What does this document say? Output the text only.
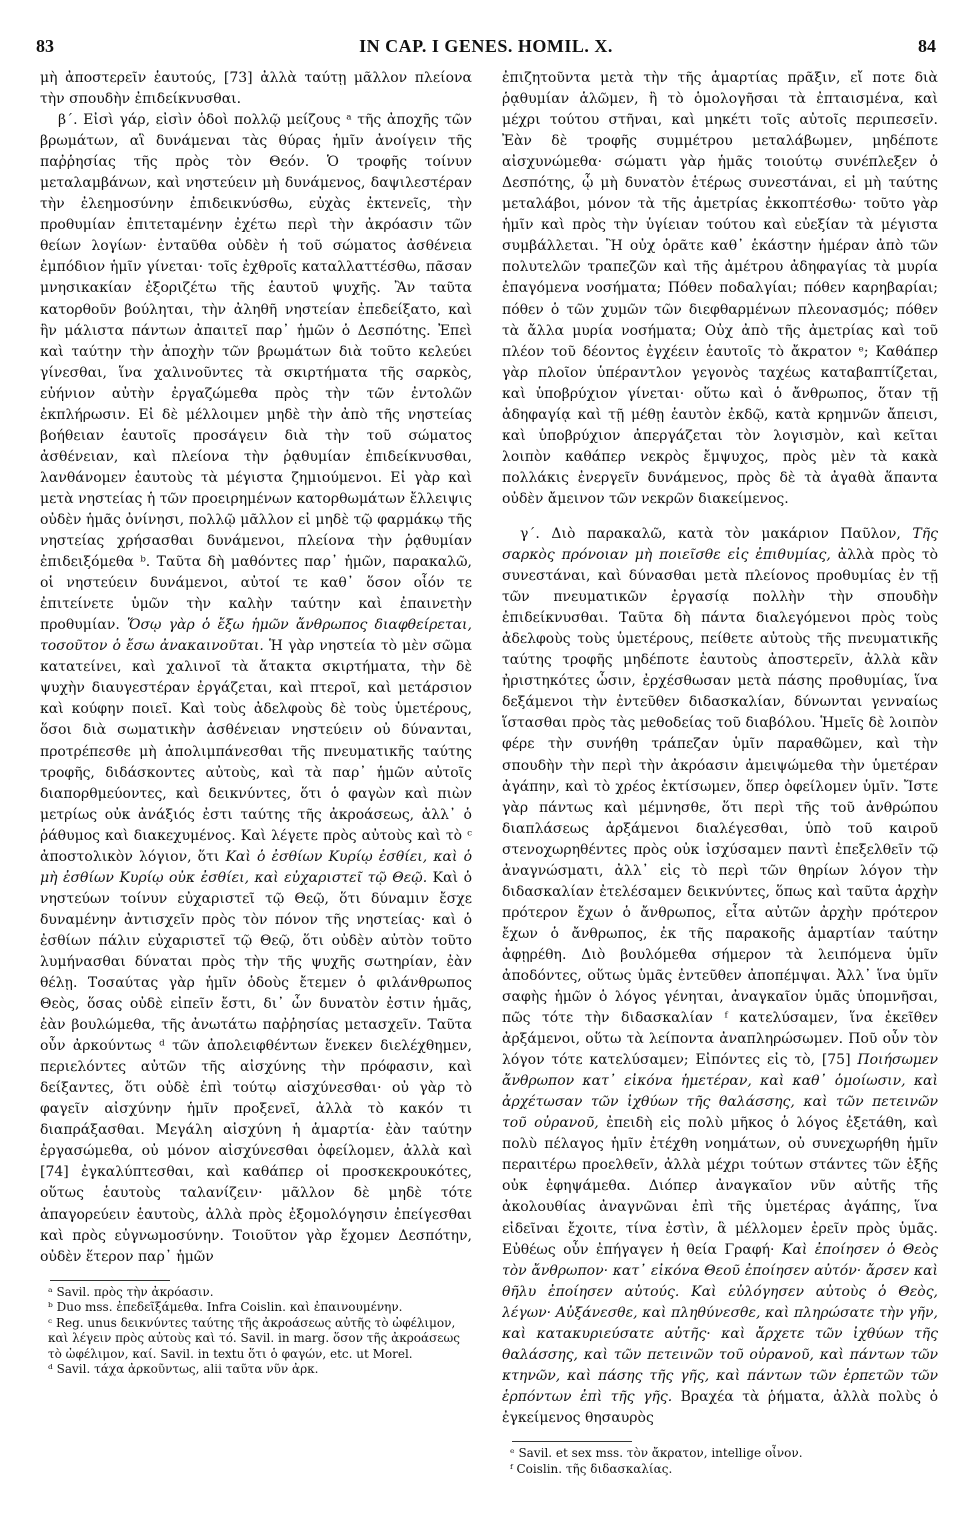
83	IN CAP. I GENES. HOMIL. X.	84

μὴ ἀποστερεῖν ἑαυτούς, [73] ἀλλὰ ταύτῃ μᾶλλον πλείονα τὴν σπουδὴν ἐπιδείκνυσθαι.

β΄. Εἰσὶ γάρ, εἰσὶν ὁδοὶ πολλῷ μείζους ᵃ τῆς ἀποχῆς τῶν βρωμάτων, αἳ δυνάμεναι τὰς θύρας ἡμῖν ἀνοίγειν τῆς παῤῥησίας τῆς πρὸς τὸν Θεόν. Ὁ τροφῆς τοίνυν μεταλαμβάνων, καὶ νηστεύειν μὴ δυνάμενος, δαψιλεστέραν τὴν ἐλεημοσύνην ἐπιδεικνύσθω, εὐχὰς ἐκτενεῖς, τὴν προθυμίαν ἐπιτεταμένην ἐχέτω περὶ τὴν ἀκρόασιν τῶν θείων λογίων· ἐνταῦθα οὐδὲν ἡ τοῦ σώματος ἀσθένεια ἐμπόδιον ἡμῖν γίνεται· τοῖς ἐχθροῖς καταλλαττέσθω, πᾶσαν μνησικακίαν ἐξοριζέτω τῆς ἑαυτοῦ ψυχῆς. Ἂν ταῦτα κατορθοῦν βούληται, τὴν ἀληθῆ νηστείαν ἐπεδείξατο, καὶ ἣν μάλιστα πάντων ἀπαιτεῖ παρ᾽ ἡμῶν ὁ Δεσπότης. Ἐπεὶ καὶ ταύτην τὴν ἀποχὴν τῶν βρωμάτων διὰ τοῦτο κελεύει γίνεσθαι, ἵνα χαλινοῦντες τὰ σκιρτήματα τῆς σαρκὸς, εὐήνιον αὐτὴν ἐργαζώμεθα πρὸς τὴν τῶν ἐντολῶν ἐκπλήρωσιν. Εἰ δὲ μέλλοιμεν μηδὲ τὴν ἀπὸ τῆς νηστείας βοήθειαν ἑαυτοῖς προσάγειν διὰ τὴν τοῦ σώματος ἀσθένειαν, καὶ πλείονα τὴν ῥᾳθυμίαν ἐπιδείκνυσθαι, λανθάνομεν ἑαυτοὺς τὰ μέγιστα ζημιούμενοι. Εἰ γὰρ καὶ μετὰ νηστείας ἡ τῶν προειρημένων κατορθωμάτων ἔλλειψις οὐδὲν ἡμᾶς ὀνίνησι, πολλῷ μᾶλλον εἰ μηδὲ τῷ φαρμάκῳ τῆς νηστείας χρήσασθαι δυνάμενοι, πλείονα τὴν ῥᾳθυμίαν ἐπιδειξόμεθα ᵇ. Ταῦτα δὴ μαθόντες παρ᾽ ἡμῶν, παρακαλῶ, οἱ νηστεύειν δυνάμενοι, αὐτοί τε καθ᾽ ὅσον οἷόν τε ἐπιτείνετε ὑμῶν τὴν καλὴν ταύτην καὶ ἐπαινετὴν προθυμίαν. Ὅσῳ γὰρ ὁ ἔξω ἡμῶν ἄνθρωπος διαφθείρεται, τοσοῦτον ὁ ἔσω ἀνακαινοῦται. Ἡ γὰρ νηστεία τὸ μὲν σῶμα κατατείνει, καὶ χαλινοῖ τὰ ἄτακτα σκιρτήματα, τὴν δὲ ψυχὴν διαυγεστέραν ἐργάζεται, καὶ πτεροῖ, καὶ μετάρσιον καὶ κούφην ποιεῖ. Καὶ τοὺς ἀδελφοὺς δὲ τοὺς ὑμετέρους, ὅσοι διὰ σωματικὴν ἀσθένειαν νηστεύειν οὐ δύνανται, προτρέπεσθε μὴ ἀπολιμπάνεσθαι τῆς πνευματικῆς ταύτης τροφῆς, διδάσκοντες αὐτοὺς, καὶ τὰ παρ᾽ ἡμῶν αὐτοῖς διαπορθμεύοντες, καὶ δεικνύντες, ὅτι ὁ φαγὼν καὶ πιὼν μετρίως οὐκ ἀνάξιός ἐστι ταύτης τῆς ἀκροάσεως, ἀλλ᾽ ὁ ῥάθυμος καὶ διακεχυμένος. Καὶ λέγετε πρὸς αὐτοὺς καὶ τὸ ᶜ ἀποστολικὸν λόγιον, ὅτι Καὶ ὁ ἐσθίων Κυρίῳ ἐσθίει, καὶ ὁ μὴ ἐσθίων Κυρίῳ οὐκ ἐσθίει, καὶ εὐχαριστεῖ τῷ Θεῷ. Καὶ ὁ νηστεύων τοίνυν εὐχαριστεῖ τῷ Θεῷ, ὅτι δύναμιν ἔσχε δυναμένην ἀντισχεῖν πρὸς τὸν πόνον τῆς νηστείας· καὶ ὁ ἐσθίων πάλιν εὐχαριστεῖ τῷ Θεῷ, ὅτι οὐδὲν αὐτὸν τοῦτο λυμήνασθαι δύναται πρὸς τὴν τῆς ψυχῆς σωτηρίαν, ἐὰν θέλῃ. Τοσαύτας γὰρ ἡμῖν ὁδοὺς ἔτεμεν ὁ φιλάνθρωπος Θεὸς, ὅσας οὐδὲ εἰπεῖν ἔστι, δι᾽ ὧν δυνατὸν ἐστιν ἡμᾶς, ἐὰν βουλώμεθα, τῆς ἀνωτάτω παῤῥησίας μετασχεῖν. Ταῦτα οὖν ἀρκούντως ᵈ τῶν ἀπολειφθέντων ἕνεκεν διελέχθημεν, περιελόντες αὐτῶν τῆς αἰσχύνης τὴν πρόφασιν, καὶ δείξαντες, ὅτι οὐδὲ ἐπὶ τούτῳ αἰσχύνεσθαι· οὐ γὰρ τὸ φαγεῖν αἰσχύνην ἡμῖν προξενεῖ, ἀλλὰ τὸ κακόν τι διαπράξασθαι. Μεγάλη αἰσχύνη ἡ ἁμαρτία· ἐὰν ταύτην ἐργασώμεθα, οὐ μόνον αἰσχύνεσθαι ὀφείλομεν, ἀλλὰ καὶ [74] ἐγκαλύπτεσθαι, καὶ καθάπερ οἱ προσκεκρουκότες, οὕτως ἑαυτοὺς ταλανίζειν· μᾶλλον δὲ μηδὲ τότε ἀπαγορεύειν ἑαυτοὺς, ἀλλὰ πρὸς ἐξομολόγησιν ἐπείγεσθαι καὶ πρὸς εὐγνωμοσύνην. Τοιοῦτον γὰρ ἔχομεν Δεσπότην, οὐδὲν ἕτερον παρ᾽ ἡμῶν

ᵃ Savil. πρὸς τὴν ἀκρόασιν.
ᵇ Duo mss. ἐπεδεῖξάμεθα. Infra Coislin. καὶ ἐπαινουμένην.
ᶜ Reg. unus δεικνύντες ταύτης τῆς ἀκροάσεως αὐτῆς τὸ ὠφέλιμον, καὶ λέγειν πρὸς αὐτοὺς καὶ τό. Savil. in marg. ὅσον τῆς ἀκροάσεως τὸ ὠφέλιμον, καί. Savil. in textu ὅτι ὁ φαγών, etc. ut Morel.
ᵈ Savil. τάχα ἀρκοῦντως, alii ταῦτα νῦν ἀρκ.

ἐπιζητοῦντα μετὰ τὴν τῆς ἁμαρτίας πρᾶξιν, εἴ ποτε διὰ ῥᾳθυμίαν ἁλῶμεν, ἢ τὸ ὁμολογῆσαι τὰ ἐπταισμένα, καὶ μέχρι τούτου στῆναι, καὶ μηκέτι τοῖς αὐτοῖς περιπεσεῖν. Ἐὰν δὲ τροφῆς συμμέτρου μεταλάβωμεν, μηδέποτε αἰσχυνώμεθα· σώματι γὰρ ἡμᾶς τοιούτῳ συνέπλεξεν ὁ Δεσπότης, ᾧ μὴ δυνατὸν ἑτέρως συνεστάναι, εἰ μὴ ταύτης μεταλάβοι, μόνον τὰ τῆς ἀμετρίας ἐκκοπτέσθω· τοῦτο γὰρ ἡμῖν καὶ πρὸς τὴν ὑγίειαν τούτου καὶ εὐεξίαν τὰ μέγιστα συμβάλλεται. Ἢ οὐχ ὁρᾶτε καθ᾽ ἑκάστην ἡμέραν ἀπὸ τῶν πολυτελῶν τραπεζῶν καὶ τῆς ἀμέτρου ἀδηφαγίας τὰ μυρία ἐπαγόμενα νοσήματα; Πόθεν ποδαλγίαι; πόθεν καρηβαρίαι; πόθεν ὁ τῶν χυμῶν τῶν διεφθαρμένων πλεονασμός; πόθεν τὰ ἄλλα μυρία νοσήματα; Οὐχ ἀπὸ τῆς ἀμετρίας καὶ τοῦ πλέον τοῦ δέοντος ἐγχέειν ἑαυτοῖς τὸ ἄκρατον ᵉ; Καθάπερ γὰρ πλοῖον ὑπέραντλον γεγονὸς ταχέως καταβαπτίζεται, καὶ ὑποβρύχιον γίνεται· οὕτω καὶ ὁ ἄνθρωπος, ὅταν τῇ ἀδηφαγίᾳ καὶ τῇ μέθῃ ἑαυτὸν ἐκδῷ, κατὰ κρημνῶν ἄπεισι, καὶ ὑποβρύχιον ἀπεργάζεται τὸν λογισμὸν, καὶ κεῖται λοιπὸν καθάπερ νεκρὸς ἔμψυχος, πρὸς μὲν τὰ κακὰ πολλάκις ἐνεργεῖν δυνάμενος, πρὸς δὲ τὰ ἀγαθὰ ἅπαντα οὐδὲν ἄμεινον τῶν νεκρῶν διακείμενος.

γ΄. Διὸ παρακαλῶ, κατὰ τὸν μακάριον Παῦλον, Τῆς σαρκὸς πρόνοιαν μὴ ποιεῖσθε εἰς ἐπιθυμίας, ἀλλὰ πρὸς τὸ συνεστάναι, καὶ δύνασθαι μετὰ πλείονος προθυμίας ἐν τῇ τῶν πνευματικῶν ἐργασίᾳ πολλὴν τὴν σπουδὴν ἐπιδείκνυσθαι. Ταῦτα δὴ πάντα διαλεγόμενοι πρὸς τοὺς ἀδελφοὺς τοὺς ὑμετέρους, πείθετε αὐτοὺς τῆς πνευματικῆς ταύτης τροφῆς μηδέποτε ἑαυτοὺς ἀποστερεῖν, ἀλλὰ κἂν ἠριστηκότες ὦσιν, ἐρχέσθωσαν μετὰ πάσης προθυμίας, ἵνα δεξάμενοι τὴν ἐντεῦθεν διδασκαλίαν, δύνωνται γενναίως ἵστασθαι πρὸς τὰς μεθοδείας τοῦ διαβόλου. Ἡμεῖς δὲ λοιπὸν φέρε τὴν συνήθη τράπεζαν ὑμῖν παραθῶμεν, καὶ τὴν σπουδὴν τὴν περὶ τὴν ἀκρόασιν ἀμειψώμεθα τὴν ὑμετέραν ἀγάπην, καὶ τὸ χρέος ἐκτίσωμεν, ὅπερ ὀφείλομεν ὑμῖν. Ἴστε γὰρ πάντως καὶ μέμνησθε, ὅτι περὶ τῆς τοῦ ἀνθρώπου διαπλάσεως ἀρξάμενοι διαλέγεσθαι, ὑπὸ τοῦ καιροῦ στενοχωρηθέντες πρὸς οὐκ ἰσχύσαμεν παντὶ ἐπεξελθεῖν τῷ ἀναγνώσματι, ἀλλ᾽ εἰς τὸ περὶ τῶν θηρίων λόγον τὴν διδασκαλίαν ἐτελέσαμεν δεικνύντες, ὅπως καὶ ταῦτα ἀρχὴν πρότερον ἔχων ὁ ἄνθρωπος, εἶτα αὐτῶν ἀρχὴν πρότερον ἔχων ὁ ἄνθρωπος, ἐκ τῆς παρακοῆς ἁμαρτίαν ταύτην ἀφῃρέθη. Διὸ βουλόμεθα σήμερον τὰ λειπόμενα ὑμῖν ἀποδόντες, οὕτως ὑμᾶς ἐντεῦθεν ἀποπέμψαι. Ἀλλ᾽ ἵνα ὑμῖν σαφὴς ἡμῶν ὁ λόγος γένηται, ἀναγκαῖον ὑμᾶς ὑπομνῆσαι, πῶς τότε τὴν διδασκαλίαν ᶠ κατελύσαμεν, ἵνα ἐκεῖθεν ἀρξάμενοι, οὕτω τὰ λείποντα ἀναπληρώσωμεν. Ποῦ οὖν τὸν λόγον τότε κατελύσαμεν; Εἰπόντες εἰς τὸ, [75] Ποιήσωμεν ἄνθρωπον κατ᾽ εἰκόνα ἡμετέραν, καὶ καθ᾽ ὁμοίωσιν, καὶ ἀρχέτωσαν τῶν ἰχθύων τῆς θαλάσσης, καὶ τῶν πετεινῶν τοῦ οὐρανοῦ, ἐπειδὴ εἰς πολὺ μῆκος ὁ λόγος ἐξετάθη, καὶ πολὺ πέλαγος ἡμῖν ἐτέχθη νοημάτων, οὐ συνεχωρήθη ἡμῖν περαιτέρω προελθεῖν, ἀλλὰ μέχρι τούτων στάντες τῶν ἑξῆς οὐκ ἐφηψάμεθα. Διόπερ ἀναγκαῖον νῦν αὐτῆς τῆς ἀκολουθίας ἀναγνῶναι ἐπὶ τῆς ὑμετέρας ἀγάπης, ἵνα εἰδεῖναι ἔχοιτε, τίνα ἐστὶν, ἃ μέλλομεν ἐρεῖν πρὸς ὑμᾶς. Εὐθέως οὖν ἐπήγαγεν ἡ θεία Γραφή· Καὶ ἐποίησεν ὁ Θεὸς τὸν ἄνθρωπον· κατ᾽ εἰκόνα Θεοῦ ἐποίησεν αὐτόν· ἄρσεν καὶ θῆλυ ἐποίησεν αὐτούς. Καὶ εὐλόγησεν αὐτοὺς ὁ Θεὸς, λέγων· Αὐξάνεσθε, καὶ πληθύνεσθε, καὶ πληρώσατε τὴν γῆν, καὶ κατακυριεύσατε αὐτῆς· καὶ ἄρχετε τῶν ἰχθύων τῆς θαλάσσης, καὶ τῶν πετεινῶν τοῦ οὐρανοῦ, καὶ πάντων τῶν κτηνῶν, καὶ πάσης τῆς γῆς, καὶ πάντων τῶν ἑρπετῶν τῶν ἑρπόντων ἐπὶ τῆς γῆς. Βραχέα τὰ ῥήματα, ἀλλὰ πολὺς ὁ ἐγκείμενος θησαυρὸς

ᵉ Savil. et sex mss. τὸν ἄκρατον, intellige οἶνον.
ᶠ Coislin. τῆς διδασκαλίας.
